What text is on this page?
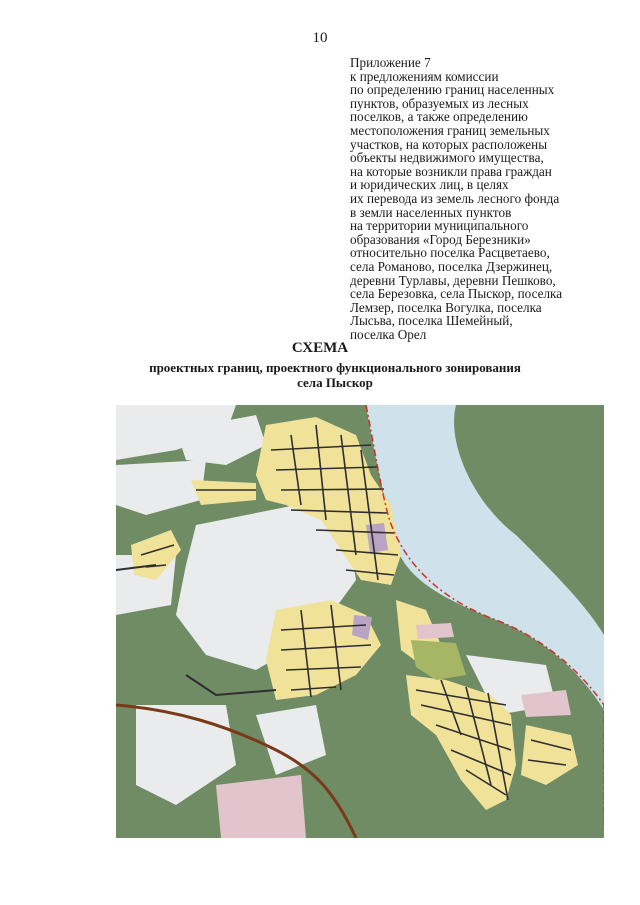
10
Приложение 7
к предложениям комиссии
по определению границ населенных
пунктов, образуемых из лесных
поселков, а также определению
местоположения границ земельных
участков, на которых расположены
объекты недвижимого имущества,
на которые возникли права граждан
и юридических лиц, в целях
их перевода из земель лесного фонда
в земли населенных пунктов
на территории муниципального
образования «Город Березники»
относительно поселка Расцветаево,
села Романово, поселка Дзержинец,
деревни Турлавы, деревни Пешково,
села Березовка, села Пыскор, поселка
Лемзер, поселка Вогулка, поселка
Лысьва, поселка Шемейный,
поселка Орел
СХЕМА
проектных границ, проектного функционального зонирования
села Пыскор
